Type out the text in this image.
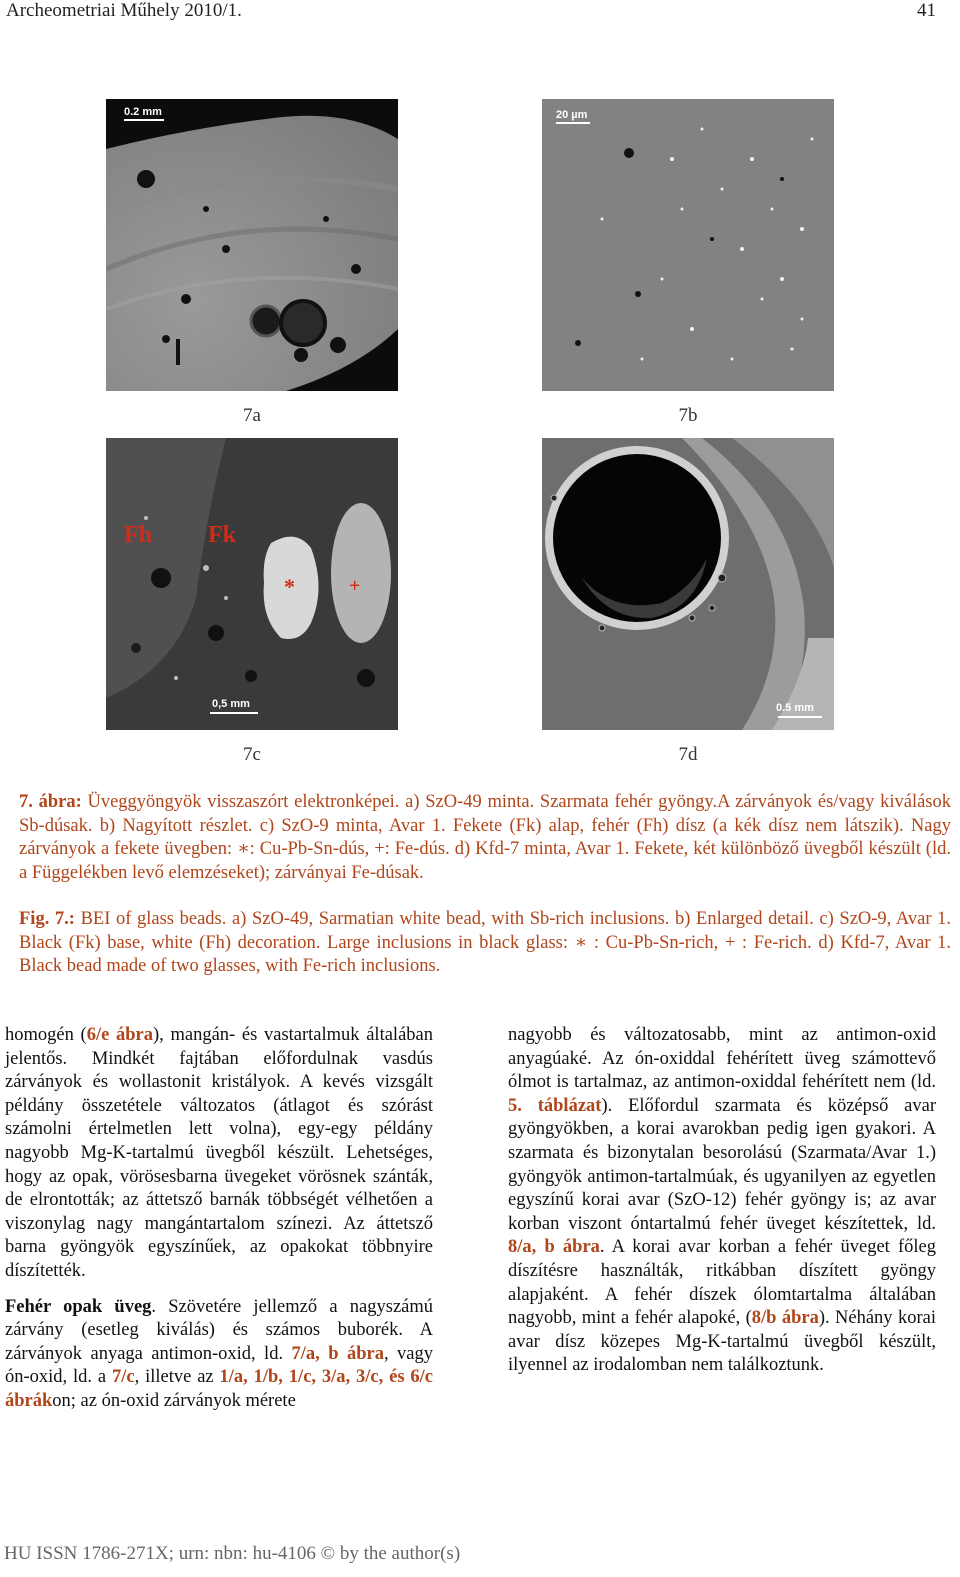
Archeometriai Műhely 2010/1.	41
0.2 mm
7a
20 µm
7b
Fh Fk
*	+
0,5 mm
7c
0.5 mm
7d
7. ábra: Üveggyöngyök visszaszórt elektronképei. a) SzO-49 minta. Szarmata fehér gyöngy.A zárványok és/vagy kiválások Sb-dúsak. b) Nagyított részlet. c) SzO-9 minta, Avar 1. Fekete (Fk) alap, fehér (Fh) dísz (a kék dísz nem látszik). Nagy zárványok a fekete üvegben: ∗: Cu-Pb-Sn-dús, +: Fe-dús. d) Kfd-7 minta, Avar 1. Fekete, két különböző üvegből készült (ld. a Függelékben levő elemzéseket); zárványai Fe-dúsak.
Fig. 7.: BEI of glass beads. a) SzO-49, Sarmatian white bead, with Sb-rich inclusions. b) Enlarged detail. c) SzO-9, Avar 1. Black (Fk) base, white (Fh) decoration. Large inclusions in black glass: ∗ : Cu-Pb-Sn-rich, + : Fe-rich. d) Kfd-7, Avar 1. Black bead made of two glasses, with Fe-rich inclusions.

homogén (6/e ábra), mangán- és vastartalmuk általában jelentős. Mindkét fajtában előfordulnak vasdús zárványok és wollastonit kristályok. A kevés vizsgált példány összetétele változatos (átlagot és szórást számolni értelmetlen lett volna), egy-egy példány nagyobb Mg-K-tartalmú üvegből készült. Lehetséges, hogy az opak, vörösesbarna üvegeket vörösnek szánták, de elrontották; az áttetsző barnák többségét vélhetően a viszonylag nagy mangántartalom színezi. Az áttetsző barna gyöngyök egyszínűek, az opakokat többnyire díszítették.

Fehér opak üveg. Szövetére jellemző a nagyszámú zárvány (esetleg kiválás) és számos buborék. A zárványok anyaga antimon-oxid, ld. 7/a, b ábra, vagy ón-oxid, ld. a 7/c, illetve az 1/a, 1/b, 1/c, 3/a, 3/c, és 6/c ábrákon; az ón-oxid zárványok mérete

nagyobb és változatosabb, mint az antimon-oxid anyagúaké. Az ón-oxiddal fehérített üveg számottevő ólmot is tartalmaz, az antimon-oxiddal fehérített nem (ld. 5. táblázat). Előfordul szarmata és középső avar gyöngyökben, a korai avarokban pedig igen gyakori. A szarmata és bizonytalan besorolású (Szarmata/Avar 1.) gyöngyök antimon-tartalmúak, és ugyanilyen az egyetlen egyszínű korai avar (SzO-12) fehér gyöngy is; az avar korban viszont óntartalmú fehér üveget készítettek, ld. 8/a, b ábra. A korai avar korban a fehér üveget főleg díszítésre használták, ritkábban díszített gyöngy alapjaként. A fehér díszek ólomtartalma általában nagyobb, mint a fehér alapoké, (8/b ábra). Néhány korai avar dísz közepes Mg-K-tartalmú üvegből készült, ilyennel az irodalomban nem találkoztunk.

HU ISSN 1786-271X; urn: nbn: hu-4106 © by the author(s)
